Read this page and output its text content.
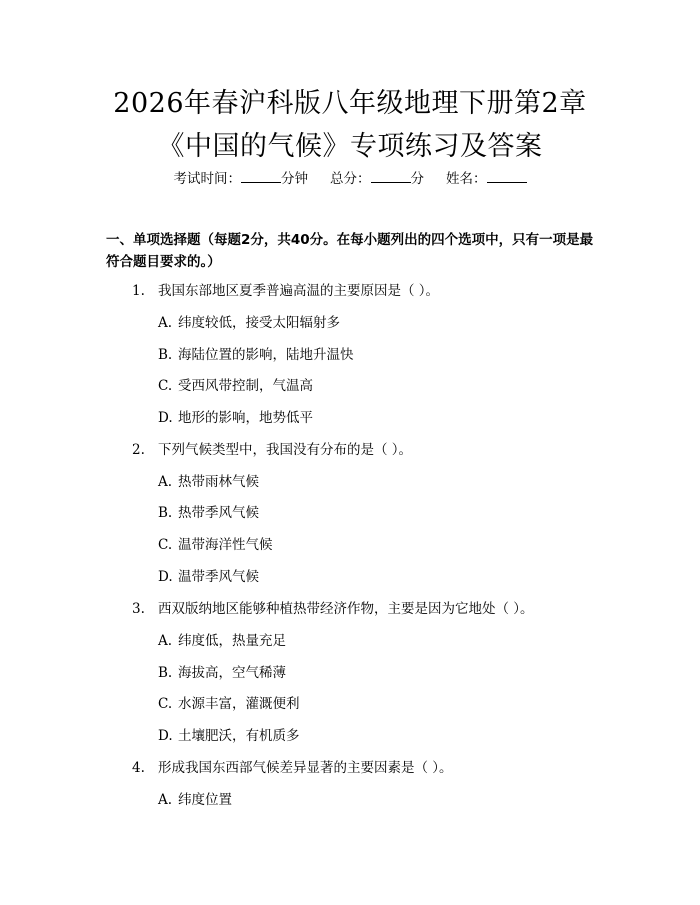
2026年春沪科版八年级地理下册第2章《中国的气候》专项练习及答案
考试时间：	分钟 总分：	分 姓名：
一、单项选择题（每题2分，共40分。在每小题列出的四个选项中，只有一项是最符合题目要求的。）
1. 我国东部地区夏季普遍高温的主要原因是（ ）。
A. 纬度较低，接受太阳辐射多
B. 海陆位置的影响，陆地升温快
C. 受西风带控制，气温高
D. 地形的影响，地势低平
2. 下列气候类型中，我国没有分布的是（ ）。
A. 热带雨林气候
B. 热带季风气候
C. 温带海洋性气候
D. 温带季风气候
3. 西双版纳地区能够种植热带经济作物，主要是因为它地处（ ）。
A. 纬度低，热量充足
B. 海拔高，空气稀薄
C. 水源丰富，灌溉便利
D. 土壤肥沃，有机质多
4. 形成我国东西部气候差异显著的主要因素是（ ）。
A. 纬度位置
